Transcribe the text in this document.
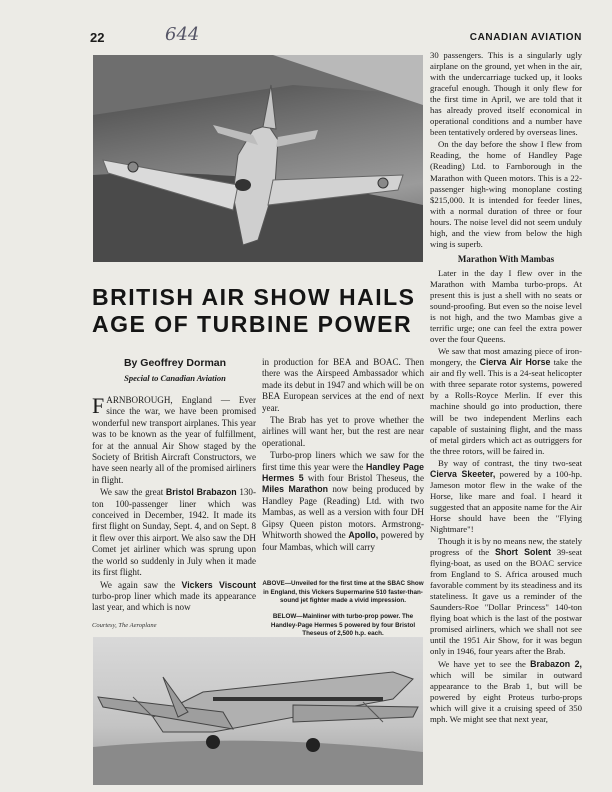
22	644	CANADIAN AVIATION
BRITISH AIR SHOW HAILS AGE OF TURBINE POWER
By Geoffrey Dorman
Special to Canadian Aviation

FARNBOROUGH, England — Ever since the war, we have been promised wonderful new transport airplanes. This year was to be known as the year of fulfillment, for at the annual Air Show staged by the Society of British Aircraft Constructors, we have seen nearly all of the promised airliners in flight.

We saw the great Bristol Brabazon 130-ton 100-passenger liner which was conceived in December, 1942. It made its first flight on Sunday, Sept. 4, and on Sept. 8 it flew over this airport. We also saw the DH Comet jet airliner which was sprung upon the world so suddenly in July when it made its first flight.

We again saw the Vickers Viscount turbo-prop liner which made its appearance last year, and which is now

Courtesy, The Aeroplane

in production for BEA and BOAC. Then there was the Airspeed Ambassador which made its debut in 1947 and which will be on BEA European services at the end of next year.

The Brab has yet to prove whether the airlines will want her, but the rest are near operational.

Turbo-prop liners which we saw for the first time this year were the Handley Page Hermes 5 with four Bristol Theseus, the Miles Marathon now being produced by Handley Page (Reading) Ltd. with two Mambas, as well as a version with four DH Gipsy Queen piston motors. Armstrong-Whitworth showed the Apollo, powered by four Mambas, which will carry

ABOVE—Unveiled for the first time at the SBAC Show in England, this Vickers Supermarine 510 faster-than-sound jet fighter made a vivid impression.
BELOW—Mainliner with turbo-prop power. The Handley-Page Hermes 5 powered by four Bristol Theseus of 2,500 h.p. each.

30 passengers. This is a singularly ugly airplane on the ground, yet when in the air, with the undercarriage tucked up, it looks graceful enough. Though it only flew for the first time in April, we are told that it has already proved itself economical in operational conditions and a number have been tentatively ordered by overseas lines.

On the day before the show I flew from Reading, the home of Handley Page (Reading) Ltd. to Farnborough in the Marathon with Queen motors. This is a 22-passenger high-wing monoplane costing $215,000. It is intended for feeder lines, with a normal duration of three or four hours. The noise level did not seem unduly high, and the view from below the high wing is superb.

Marathon With Mambas

Later in the day I flew over in the Marathon with Mamba turbo-props. At present this is just a shell with no seats or sound-proofing. But even so the noise level is not high, and the two Mambas give a terrific urge; one can feel the extra power over the four Queens.

We saw that most amazing piece of iron-mongery, the Cierva Air Horse take the air and fly well. This is a 24-seat helicopter with three separate rotor systems, powered by a Rolls-Royce Merlin. If ever this machine should go into production, there will be two independent Merlins each capable of sustaining flight, and the mass of metal girders which act as outriggers for the three rotors, will be faired in.

By way of contrast, the tiny two-seat Cierva Skeeter, powered by a 100-hp. Jameson motor flew in the wake of the Horse, like mare and foal. I heard it suggested that an apposite name for the Air Horse should have been the "Flying Nightmare"!

Though it is by no means new, the stately progress of the Short Solent 39-seat flying-boat, as used on the BOAC service from England to S. Africa aroused much favorable comment by its steadiness and its stateliness. It gave us a reminder of the Saunders-Roe "Dollar Princess" 140-ton flying boat which is the last of the postwar promised airliners, which we shall not see until the 1951 Air Show, for it was begun only in 1946, four years after the Brab.

We have yet to see the Brabazon 2, which will be similar in outward appearance to the Brab 1, but will be powered by eight Proteus turbo-props which will give it a cruising speed of 350 mph. We might see that next year,
